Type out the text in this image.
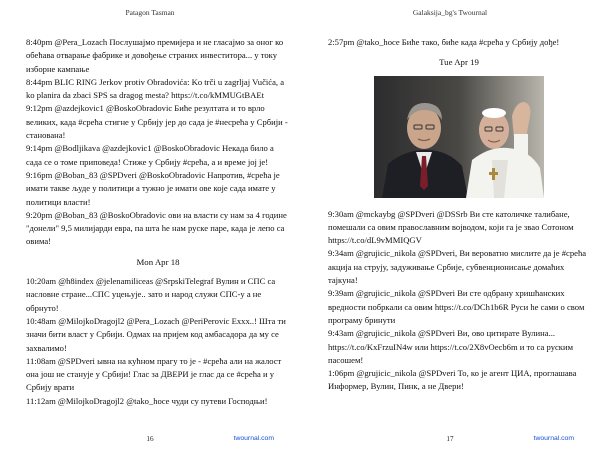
Patagon Tasman
8:40pm @Pera_Lozach Послушајмо премијера и не гласајмо за оног ко обећава отварање фабрике и довођење страних инвеститора... у току изборне кампање
8:44pm BLIC RING Jerkov protiv Obradovića: Ko trči u zagrljaj Vučića, a ko planira da zbaci SPS sa dragog mesta? https://t.co/kMMUGtBAEt
9:12pm @azdejkovic1 @BoskoObradovic Биће резултата и то врло великих, када #срећа стигне у Србију јер до сада је #несрећа у Србији - станована!
9:14pm @Bodljikava @azdejkovic1 @BoskoObradovic Некада било а сада се о томе приповеда! Стиже у Србију #срећа, а и време јој је!
9:16pm @Boban_83 @SPDveri @BoskoObradovic Напротив, #срећа је имати такве људе у политици а тужно је имати ове које сада имате у политици власти!
9:20pm @Boban_83 @BoskoObradovic ови на власти су нам за 4 године "донели" 9,5 милијарди евра, па шта he нам руске паре, када је лепо са овима!
Mon Apr 18
10:20am @h8index @jelenamiliceas @SrpskiTelegraf Вулин и СПС са насловне стране...СПС уцењује.. зато и народ служи СПС-у а не обрнуто!
10:48am @MilojkoDragojl2 @Pera_Lozach @PeriPerovic Еххх..! Шта ти значи бити власт у Србији. Одмах на пријем код амбасадора да му се захвалимо!
11:08am @SPDveri ывна на кућном прагу то је - #срећа али на жалост она још не станује у Србији! Глас за ДВЕРИ је глас да се #срећа и у Србију врати
11:12am @MilojkoDragojl2 @tako_hoce чуди су путеви Господњи!
16	twournal.com
Galaksija_bg's Twournal
2:57pm @tako_hoce Биће тако, биће када #срећа у Србију дође!
Tue Apr 19
9:30am @mckaybg @SPDveri @DSSrb Ви сте католичке талибане, помешали са овим православним војводом, који га је звао Сотоном https://t.co/dL9vMMIQGV
9:34am @grujicic_nikola @SPDveri, Ви вероватно мислите да је #срећа акција на струју, задуживање Србије, субвенционисање домаћих тајкуна!
9:39am @grujicic_nikola @SPDveri Ви сте одбрану хришћанских вредности побркали са овим https://t.co/DCh1b6R Руси he сами о свом програму бринути
9:43am @grujicic_nikola @SPDveri Ви, ово цитирате Вулина... https://t.co/KxFrzuIN4w или https://t.co/2X8vOecb6m и то са руским пасошем!
1:06pm @grujicic_nikola @SPDveri То, ко је агент ЦИА, проглашава Информер, Вулин, Пинк, а не Двери!
17	twournal.com
